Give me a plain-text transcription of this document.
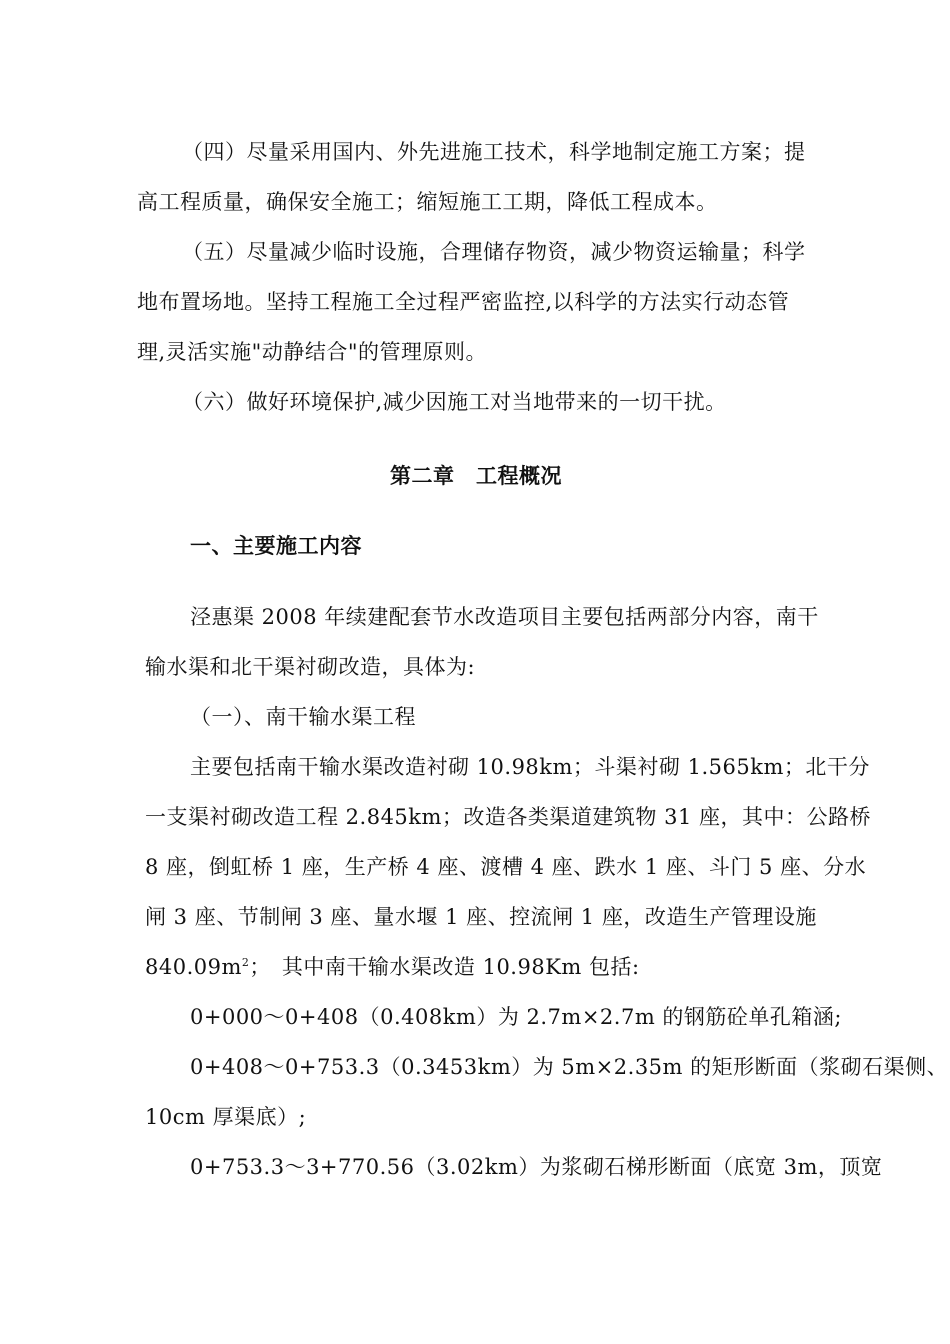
（四）尽量采用国内、外先进施工技术，科学地制定施工方案；提
高工程质量，确保安全施工；缩短施工工期，降低工程成本。
（五）尽量减少临时设施，合理储存物资，减少物资运输量；科学
地布置场地。坚持工程施工全过程严密监控,以科学的方法实行动态管
理,灵活实施"动静结合"的管理原则。
（六）做好环境保护,减少因施工对当地带来的一切干扰。
第二章　工程概况
一、主要施工内容
泾惠渠 2008 年续建配套节水改造项目主要包括两部分内容，南干
输水渠和北干渠衬砌改造，具体为:
（一）、南干输水渠工程
主要包括南干输水渠改造衬砌 10.98km；斗渠衬砌 1.565km；北干分
一支渠衬砌改造工程 2.845km；改造各类渠道建筑物 31 座，其中：公路桥
8 座，倒虹桥 1 座，生产桥 4 座、渡槽 4 座、跌水 1 座、斗门 5 座、分水
闸 3 座、节制闸 3 座、量水堰 1 座、控流闸 1 座，改造生产管理设施
$840.09m^2$；　其中南干输水渠改造 10.98Km 包括:
0+000～0+408（0.408km）为 2.7m×2.7m 的钢筋砼单孔箱涵;
0+408～0+753.3（0.3453km）为 5m×2.35m 的矩形断面（浆砌石渠侧、
10cm 厚渠底）;
0+753.3～3+770.56（3.02km）为浆砌石梯形断面（底宽 3m，顶宽
